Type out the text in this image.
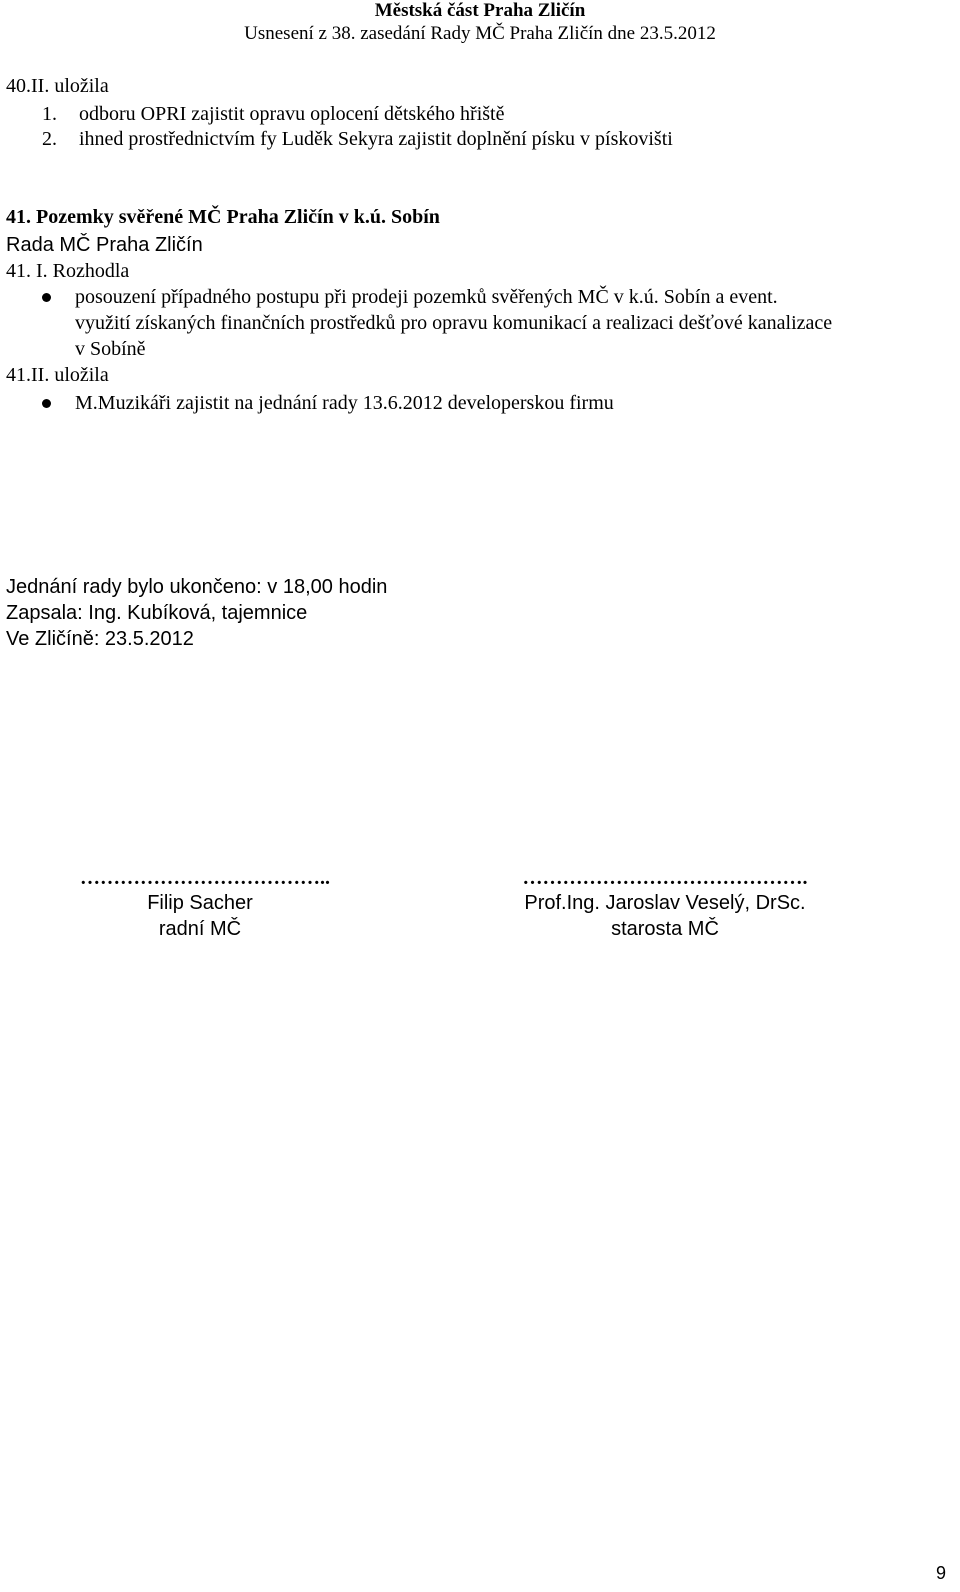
Městská část Praha Zličín
Usnesení z 38. zasedání Rady MČ Praha Zličín dne 23.5.2012
40.II. uložila
1. odboru OPRI zajistit opravu oplocení dětského hřiště
2. ihned prostřednictvím fy Luděk Sekyra zajistit doplnění písku v pískovišti
41. Pozemky svěřené MČ Praha Zličín v k.ú. Sobín
Rada MČ Praha Zličín
41. I. Rozhodla
posouzení případného postupu při prodeji pozemků svěřených MČ v k.ú. Sobín a event.
využití získaných finančních prostředků pro opravu komunikací a realizaci dešťové kanalizace
v Sobíně
41.II. uložila
M.Muzikáři zajistit na jednání rady 13.6.2012 developerskou firmu
Jednání rady bylo ukončeno: v 18,00 hodin
Zapsala: Ing. Kubíková, tajemnice
Ve Zličíně: 23.5.2012
………………………………..
Filip Sacher
radní MČ
…………………………………….
Prof.Ing. Jaroslav Veselý, DrSc.
starosta MČ
9
